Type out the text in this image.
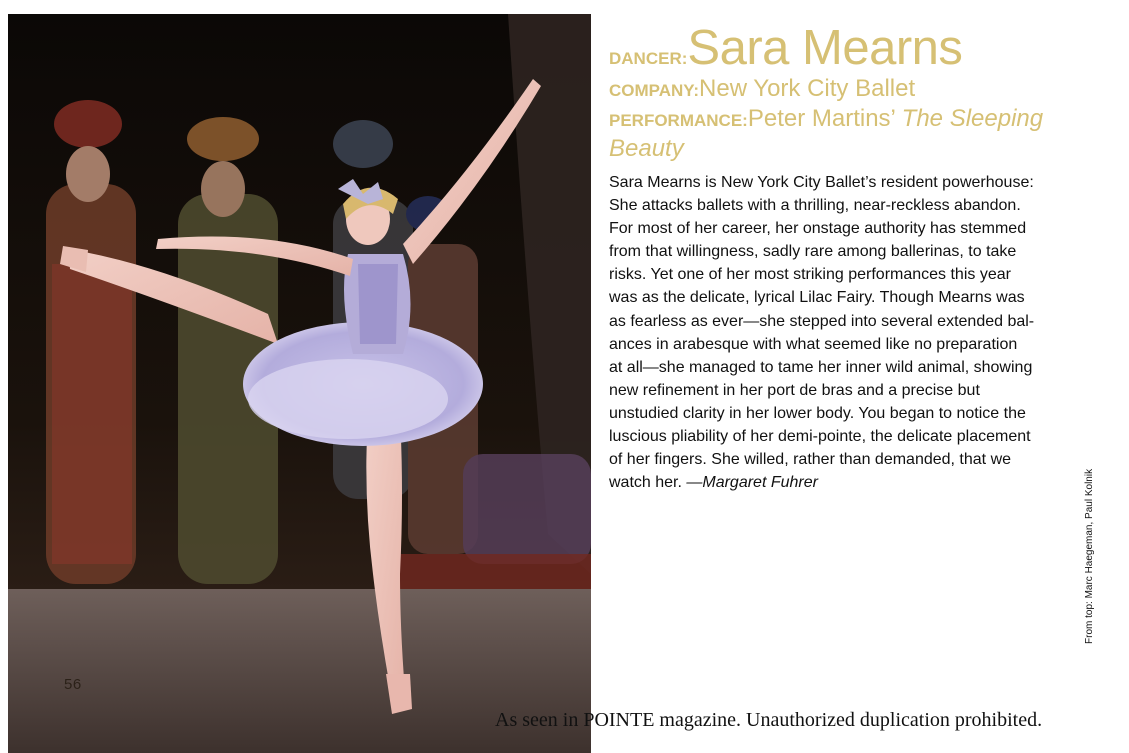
56

DANCER:Sara Mearns

COMPANY:New York City Ballet

PERFORMANCE:Peter Martins’ The Sleeping

Beauty

Sara Mearns is New York City Ballet’s resident powerhouse:
She attacks ballets with a thrilling, near-reckless abandon.
For most of her career, her onstage authority has stemmed
from that willingness, sadly rare among ballerinas, to take
risks. Yet one of her most striking performances this year
was as the delicate, lyrical Lilac Fairy. Though Mearns was
as fearless as ever—she stepped into several extended bal-
ances in arabesque with what seemed like no preparation
at all—she managed to tame her inner wild animal, showing
new refinement in her port de bras and a precise but
unstudied clarity in her lower body. You began to notice the
luscious pliability of her demi-pointe, the delicate placement
of her fingers. She willed, rather than demanded, that we
watch her. —Margaret Fuhrer	From top: Marc Haegeman, Paul Kolnik
As seen in POINTE magazine. Unauthorized duplication prohibited.
